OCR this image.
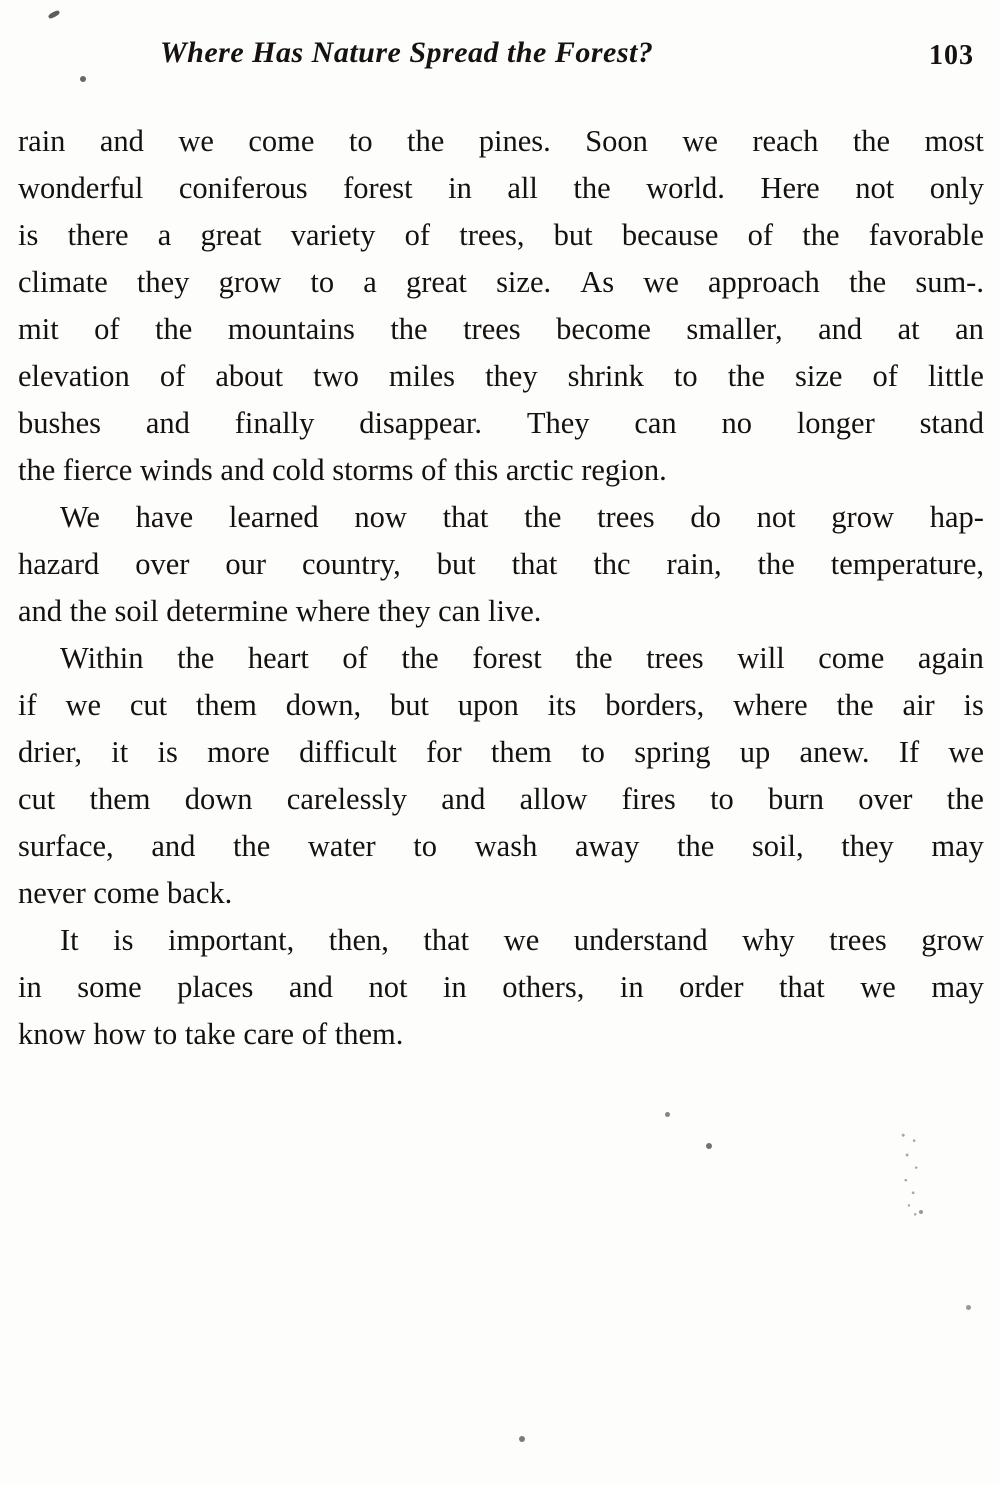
Where Has Nature Spread the Forest?	103

rain and we come to the pines. Soon we reach the most
wonderful coniferous forest in all the world. Here not only
is there a great variety of trees, but because of the favorable
climate they grow to a great size. As we approach the sum-.
mit of the mountains the trees become smaller, and at an
elevation of about two miles they shrink to the size of little
bushes and finally disappear. They can no longer stand
the fierce winds and cold storms of this arctic region.

We have learned now that the trees do not grow hap-
hazard over our country, but that thc rain, the temperature,
and the soil determine where they can live.

Within the heart of the forest the trees will come again
if we cut them down, but upon its borders, where the air is
drier, it is more difficult for them to spring up anew. If we
cut them down carelessly and allow fires to burn over the
surface, and the water to wash away the soil, they may
never come back.

It is important, then, that we understand why trees grow
in some places and not in others, in order that we may
know how to take care of them.
